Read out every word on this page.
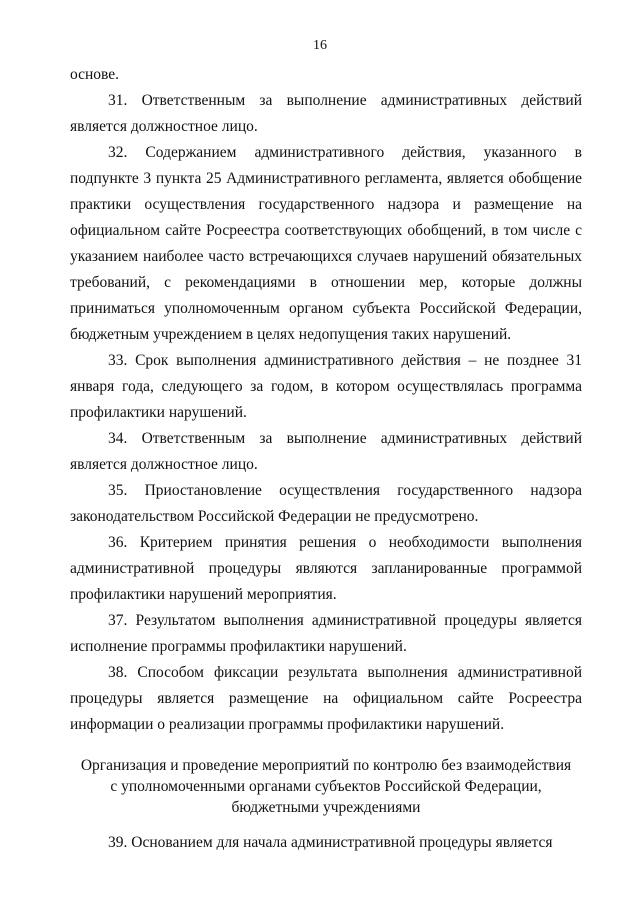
16

основе.

31. Ответственным за выполнение административных действий является должностное лицо.

32. Содержанием административного действия, указанного в подпункте 3 пункта 25 Административного регламента, является обобщение практики осуществления государственного надзора и размещение на официальном сайте Росреестра соответствующих обобщений, в том числе с указанием наиболее часто встречающихся случаев нарушений обязательных требований, с рекомендациями в отношении мер, которые должны приниматься уполномоченным органом субъекта Российской Федерации, бюджетным учреждением в целях недопущения таких нарушений.

33. Срок выполнения административного действия – не позднее 31 января года, следующего за годом, в котором осуществлялась программа профилактики нарушений.

34. Ответственным за выполнение административных действий является должностное лицо.

35. Приостановление осуществления государственного надзора законодательством Российской Федерации не предусмотрено.

36. Критерием принятия решения о необходимости выполнения административной процедуры являются запланированные программой профилактики нарушений мероприятия.

37. Результатом выполнения административной процедуры является исполнение программы профилактики нарушений.

38. Способом фиксации результата выполнения административной процедуры является размещение на официальном сайте Росреестра информации о реализации программы профилактики нарушений.

Организация и проведение мероприятий по контролю без взаимодействия
с уполномоченными органами субъектов Российской Федерации,
бюджетными учреждениями

39. Основанием для начала административной процедуры является
